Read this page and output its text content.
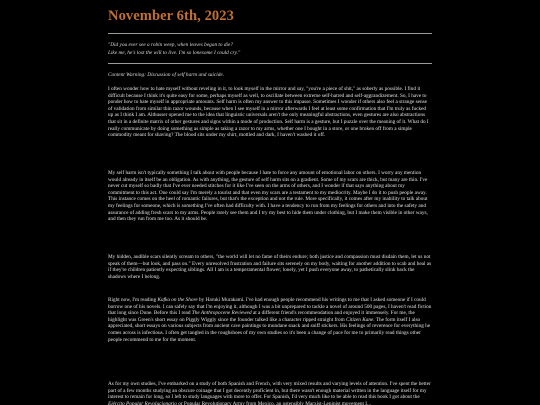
November 6th, 2023
"Did you ever see a robin weep, when leaves began to die?
Like me, he's lost the will to live. I'm so lonesome I could cry."
Content Warning: Discussion of self harm and suicide.

I often wonder how to hate myself without reveling in it, to look myself in the mirror and say, "you're a piece of shit," as soberly as possible. I find it difficult because I think it's quite easy for some, perhaps myself as well, to oscillate between extreme self-hatred and self-aggrandizement. So, I have to ponder how to hate myself in appropriate amounts. Self harm is often my answer to this impasse. Sometimes I wonder if others also feel a strange sense of validation from similar thin razor wounds, because when I see myself in a mirror afterwards I feel at least some confirmation that I'm truly as fucked up as I think I am. Althusser opened me to the idea that linguistic universals aren't the only meaningful abstractions, even gestures are also abstractions that sit in a definite matrix of other gestures and signs within a mode of production. Self harm is a gesture, but I puzzle over the meaning of it. What do I really communicate by doing something as simple as taking a razor to my arms, whether one I bought in a store, or one broken off from a simple commodity meant for shaving? The blood sits under my shirt, mottled and dark, I haven't washed it off.

My self harm isn't typically something I talk about with people because I hate to force any amount of emotional labor on others. I worry any mention would already in itself be an obligation. As with anything, the gesture of self harm sits on a gradient. Some of my scars are thick, but many are thin. I've never cut myself so badly that I've ever needed stitches for it like I've seen on the arms of others, and I wonder if that says anything about my commitment to this act. One could say I'm merely a tourist and that even my scars are a testament to my mediocrity. Maybe I do it to push people away. This instance comes on the heel of romantic failures, but that's the exception and not the rule. More specifically, it comes after my inability to talk about my feelings for someone, which is something I've often had difficulty with. I have a tendency to run from my feelings for others and into the safety and assurance of adding fresh scars to my arms. People rarely see them and I try my best to hide them under clothing, but I make them visible in other ways, and then they run from me too. As it should be.

My hidden, audible scars silently scream to others, "the world will let no fame of theirs endure; both justice and compassion must disdain them, let us not speak of them—but look, and pass on." Every unresolved frustration and failure sits serenely on my body, waiting for another addition to scab and heal as if they're children patiently expecting siblings. All I am is a temperamental flower; lonely, yet I push everyone away, to pathetically slink back the shadows where I belong.

Right now, I'm reading Kafka on the Shore by Haruki Murakami. I've had enough people recommend his writings to me that I asked someone if I could borrow one of his novels. I can safely say that I'm enjoying it, although I was a bit unprepared to tackle a novel of around 500 pages, I haven't read fiction that long since Dune. Before this I read The Anthropocene Reviewed at a different friend's recommendation and enjoyed it immensely. For me, the highlight was Green's short essay on Piggly Wiggly since the founder talked like a character ripped straight from Citizen Kane. The form itself I also appreciated, short essays on various subjects from ancient cave paintings to mundane snack and sniff stickers. His feelings of reverence for everything he comes across is infectious. I often get tangled in the roughshoes of my own studies so it's been a change of pace for me to primarily read things other people recommend to me for the moment.

As for my own studies, I've embarked on a study of both Spanish and French, with very mixed results and varying levels of attention. I've spent the better part of a few months studying an obscure coinage that I got decently proficient in, but there wasn't enough material written in the language itself for my interest to remain for long, so I left to study languages with more to offer. For Spanish, I'd very much like to be able to read this book I got about the Ejército Popular Revolucionario or Popular Revolutionary Army from Mexico, an ostensibly Marxist-Leninist movement I...
